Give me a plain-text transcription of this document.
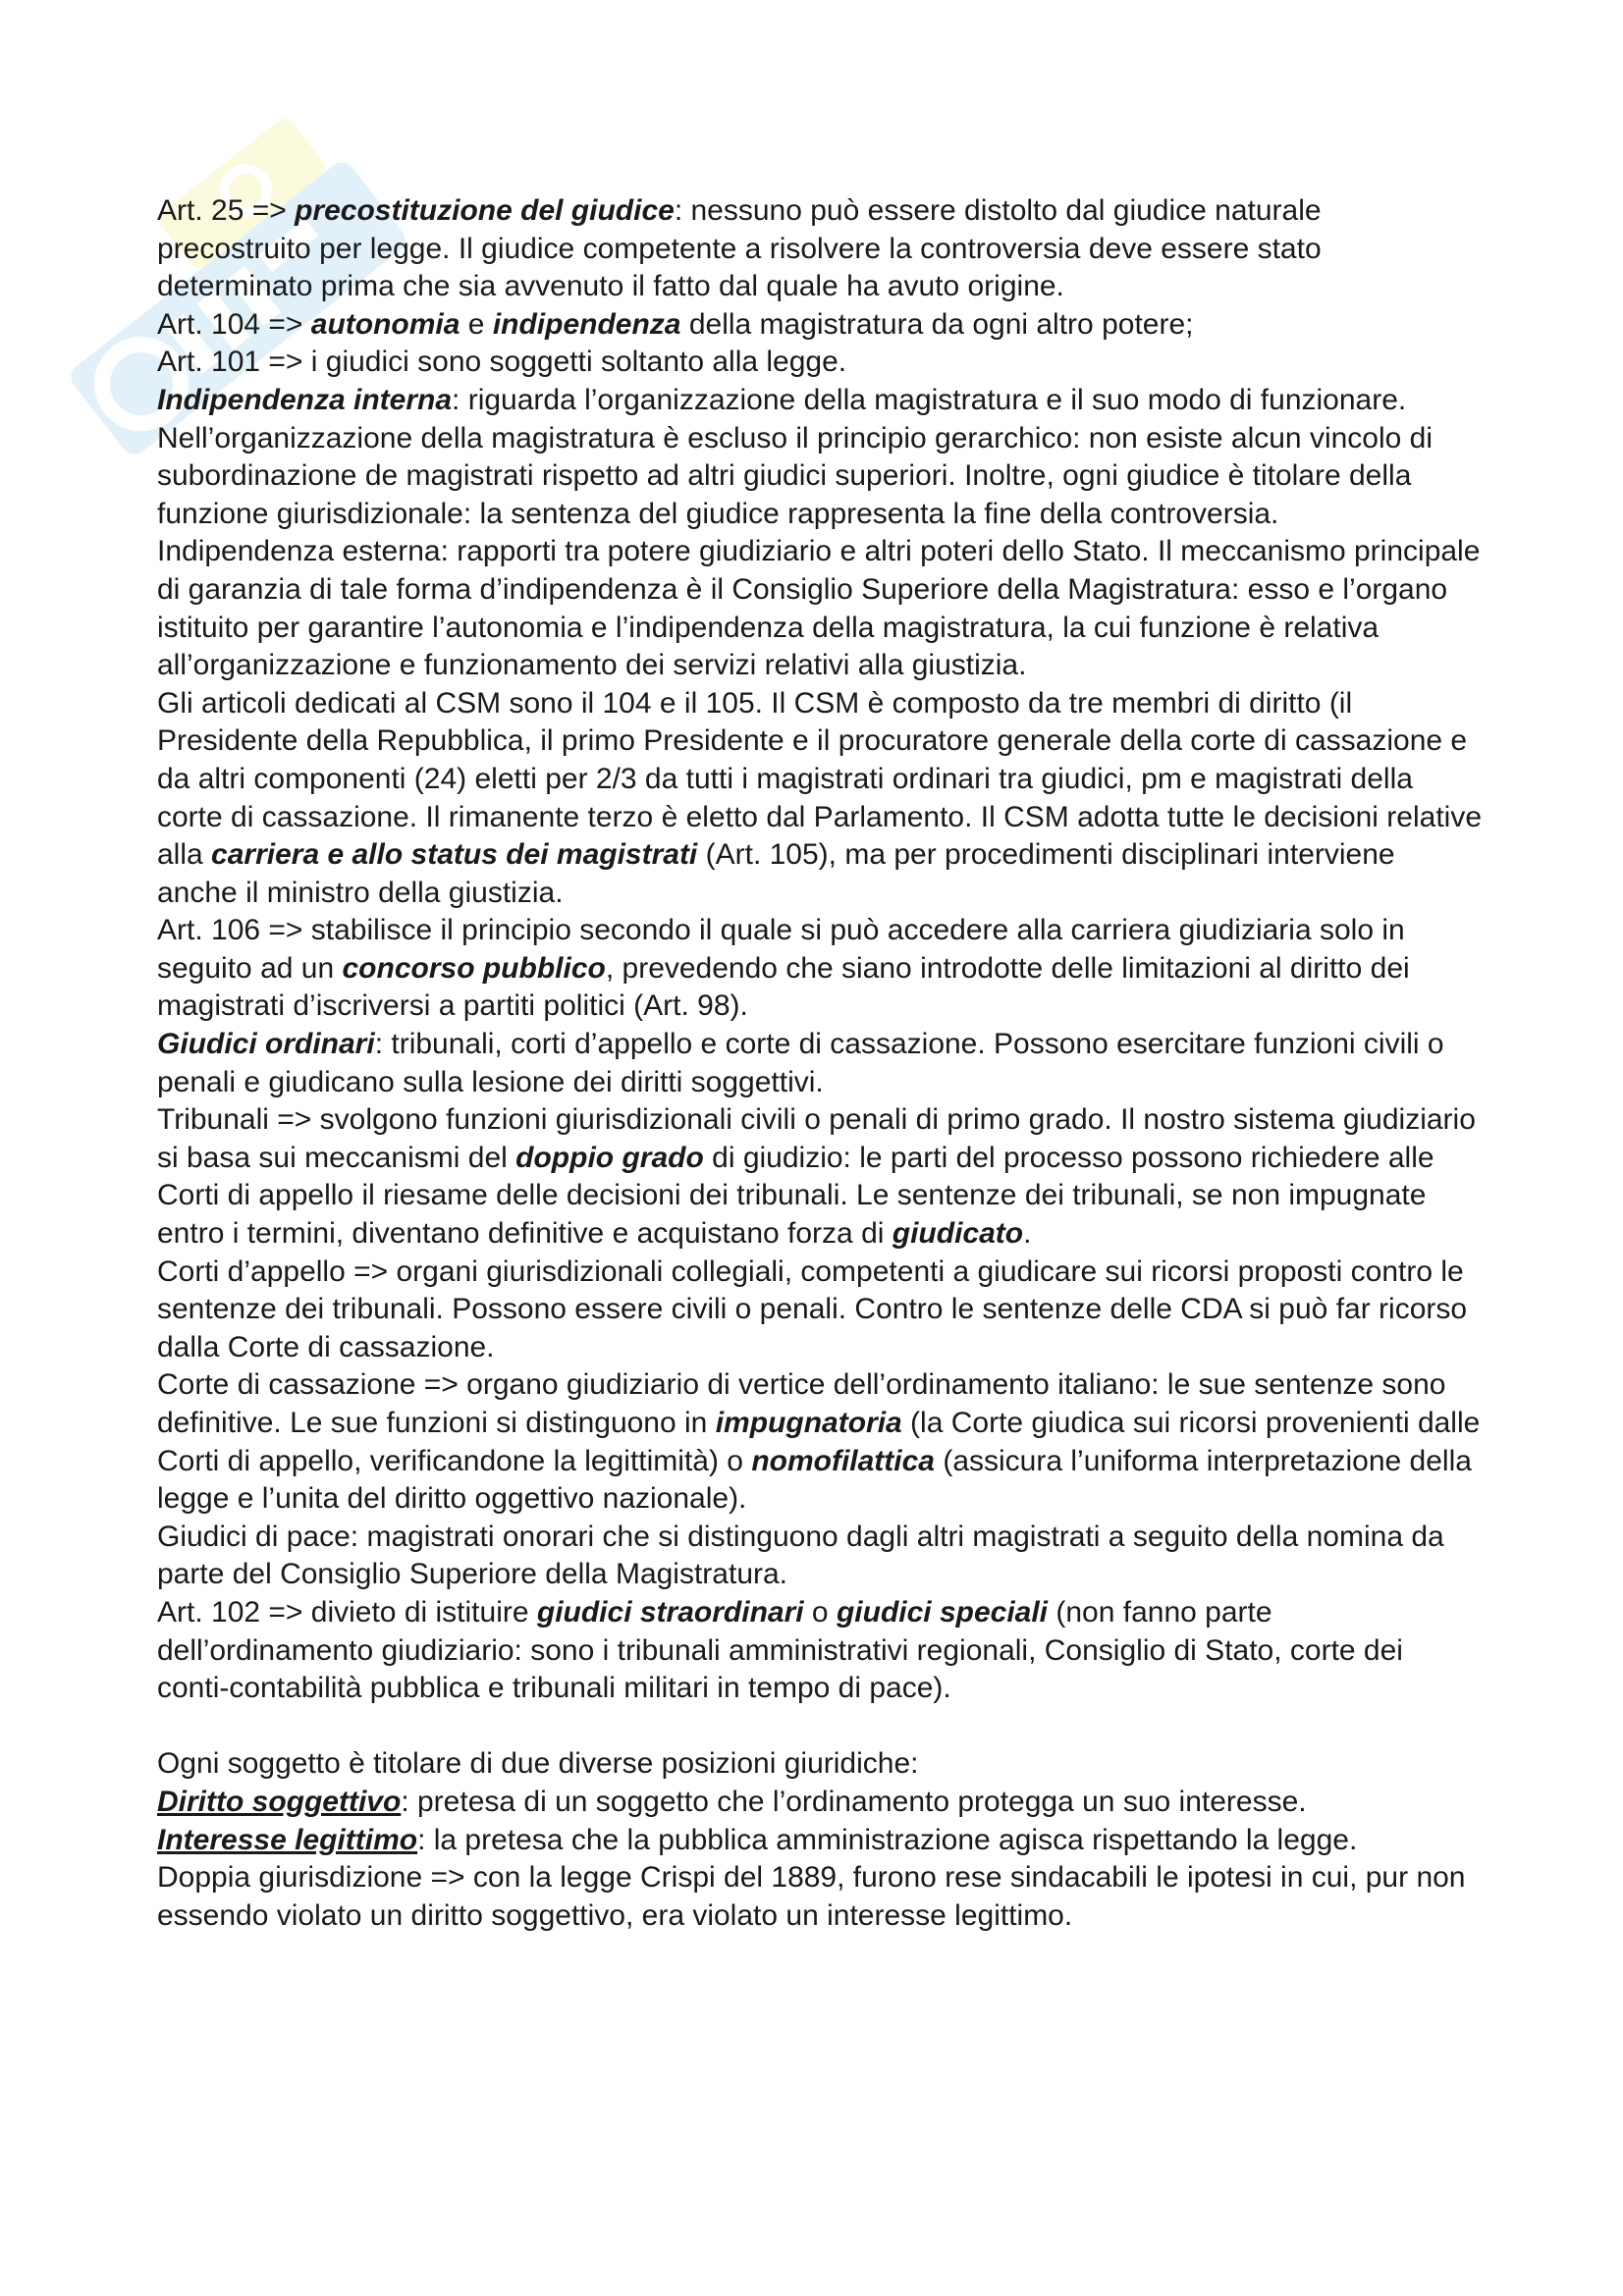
Art. 25 => precostituzione del giudice: nessuno può essere distolto dal giudice naturale precostruito per legge. Il giudice competente a risolvere la controversia deve essere stato determinato prima che sia avvenuto il fatto dal quale ha avuto origine.

Art. 104 => autonomia e indipendenza della magistratura da ogni altro potere;

Art. 101 => i giudici sono soggetti soltanto alla legge.

Indipendenza interna: riguarda l’organizzazione della magistratura e il suo modo di funzionare. Nell’organizzazione della magistratura è escluso il principio gerarchico: non esiste alcun vincolo di subordinazione de magistrati rispetto ad altri giudici superiori. Inoltre, ogni giudice è titolare della funzione giurisdizionale: la sentenza del giudice rappresenta la fine della controversia.

Indipendenza esterna: rapporti tra potere giudiziario e altri poteri dello Stato. Il meccanismo principale di garanzia di tale forma d’indipendenza è il Consiglio Superiore della Magistratura: esso e l’organo istituito per garantire l’autonomia e l’indipendenza della magistratura, la cui funzione è relativa all’organizzazione e funzionamento dei servizi relativi alla giustizia.

Gli articoli dedicati al CSM sono il 104 e il 105. Il CSM è composto da tre membri di diritto (il Presidente della Repubblica, il primo Presidente e il procuratore generale della corte di cassazione e da altri componenti (24) eletti per 2/3 da tutti i magistrati ordinari tra giudici, pm e magistrati della corte di cassazione. Il rimanente terzo è eletto dal Parlamento. Il CSM adotta tutte le decisioni relative alla carriera e allo status dei magistrati (Art. 105), ma per procedimenti disciplinari interviene anche il ministro della giustizia.

Art. 106 => stabilisce il principio secondo il quale si può accedere alla carriera giudiziaria solo in seguito ad un concorso pubblico, prevedendo che siano introdotte delle limitazioni al diritto dei magistrati d’iscriversi a partiti politici (Art. 98).

Giudici ordinari: tribunali, corti d’appello e corte di cassazione. Possono esercitare funzioni civili o penali e giudicano sulla lesione dei diritti soggettivi.

Tribunali => svolgono funzioni giurisdizionali civili o penali di primo grado. Il nostro sistema giudiziario si basa sui meccanismi del doppio grado di giudizio: le parti del processo possono richiedere alle Corti di appello il riesame delle decisioni dei tribunali. Le sentenze dei tribunali, se non impugnate entro i termini, diventano definitive e acquistano forza di giudicato.

Corti d’appello => organi giurisdizionali collegiali, competenti a giudicare sui ricorsi proposti contro le sentenze dei tribunali. Possono essere civili o penali. Contro le sentenze delle CDA si può far ricorso dalla Corte di cassazione.

Corte di cassazione => organo giudiziario di vertice dell’ordinamento italiano: le sue sentenze sono definitive. Le sue funzioni si distinguono in impugnatoria (la Corte giudica sui ricorsi provenienti dalle Corti di appello, verificandone la legittimità) o nomofilattica (assicura l’uniforma interpretazione della legge e l’unita del diritto oggettivo nazionale).

Giudici di pace: magistrati onorari che si distinguono dagli altri magistrati a seguito della nomina da parte del Consiglio Superiore della Magistratura.

Art. 102 => divieto di istituire giudici straordinari o giudici speciali (non fanno parte dell’ordinamento giudiziario: sono i tribunali amministrativi regionali, Consiglio di Stato, corte dei conti-contabilità pubblica e tribunali militari in tempo di pace).

Ogni soggetto è titolare di due diverse posizioni giuridiche:

Diritto soggettivo: pretesa di un soggetto che l’ordinamento protegga un suo interesse.

Interesse legittimo: la pretesa che la pubblica amministrazione agisca rispettando la legge.

Doppia giurisdizione => con la legge Crispi del 1889, furono rese sindacabili le ipotesi in cui, pur non essendo violato un diritto soggettivo, era violato un interesse legittimo.
